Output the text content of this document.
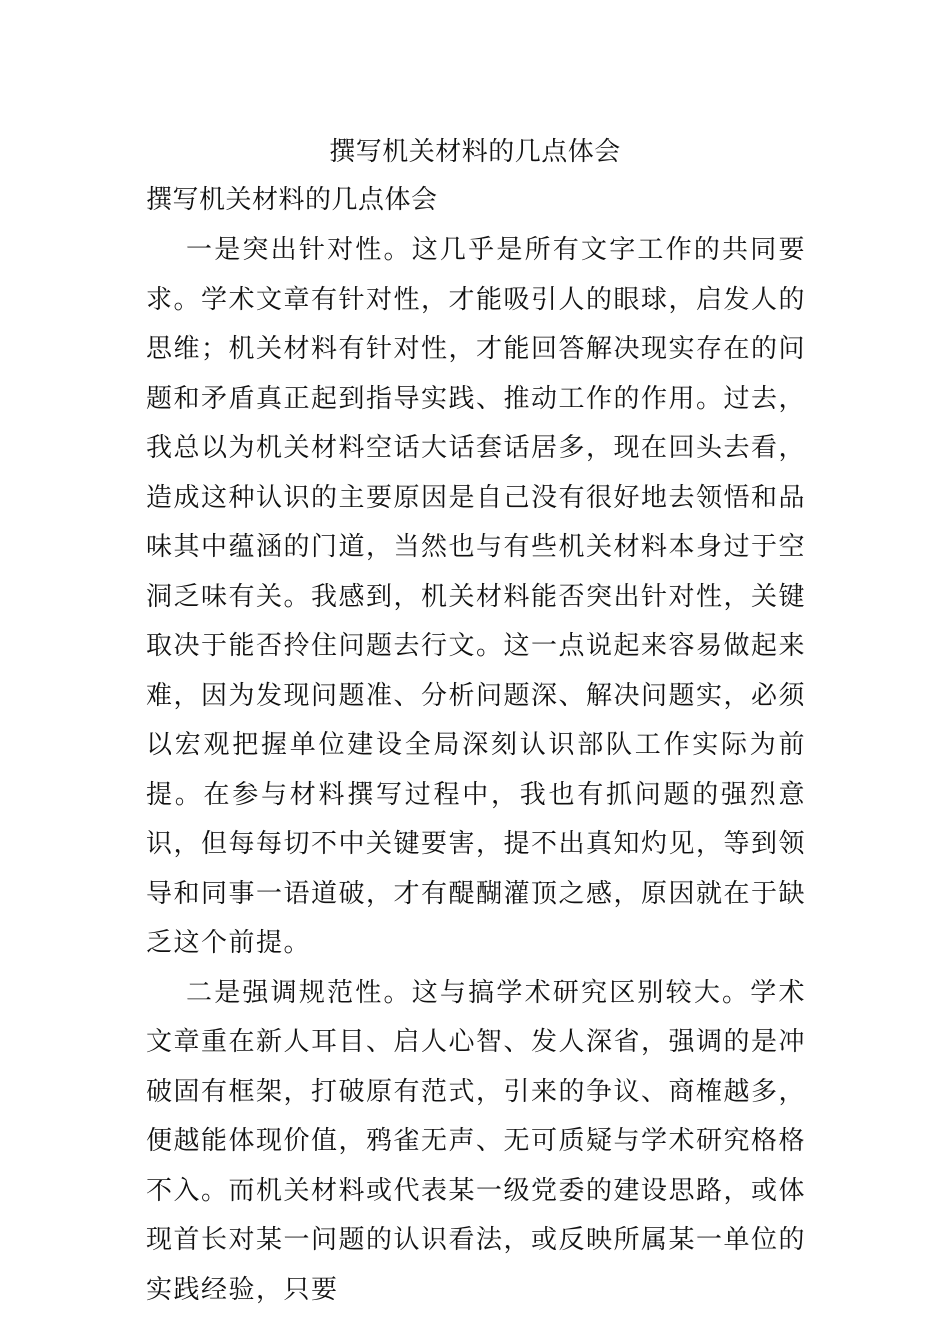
撰写机关材料的几点体会
撰写机关材料的几点体会

一是突出针对性。这几乎是所有文字工作的共同要求。学术文章有针对性，才能吸引人的眼球，启发人的思维；机关材料有针对性，才能回答解决现实存在的问题和矛盾真正起到指导实践、推动工作的作用。过去，我总以为机关材料空话大话套话居多，现在回头去看，造成这种认识的主要原因是自己没有很好地去领悟和品味其中蕴涵的门道，当然也与有些机关材料本身过于空洞乏味有关。我感到，机关材料能否突出针对性，关键取决于能否拎住问题去行文。这一点说起来容易做起来难，因为发现问题准、分析问题深、解决问题实，必须以宏观把握单位建设全局深刻认识部队工作实际为前提。在参与材料撰写过程中，我也有抓问题的强烈意识，但每每切不中关键要害，提不出真知灼见，等到领导和同事一语道破，才有醍醐灌顶之感，原因就在于缺乏这个前提。

二是强调规范性。这与搞学术研究区别较大。学术文章重在新人耳目、启人心智、发人深省，强调的是冲破固有框架，打破原有范式，引来的争议、商榷越多，便越能体现价值，鸦雀无声、无可质疑与学术研究格格不入。而机关材料或代表某一级党委的建设思路，或体现首长对某一问题的认识看法，或反映所属某一单位的实践经验，只要
